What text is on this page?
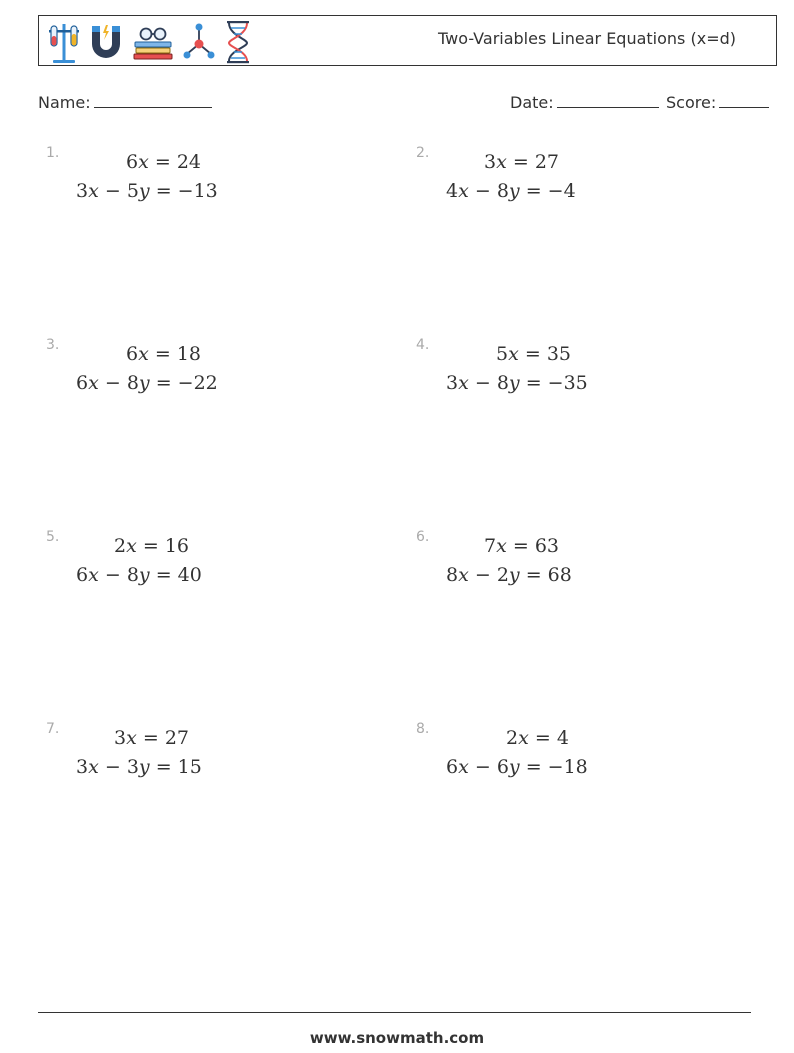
Two-Variables Linear Equations (x=d)
Name:	Date:	Score:
1.	6x = 24
3x − 5y = −13
2.	3x = 27
4x − 8y = −4
3.	6x = 18
6x − 8y = −22
4.	5x = 35
3x − 8y = −35
5.	2x = 16
6x − 8y = 40
6.	7x = 63
8x − 2y = 68
7.	3x = 27
3x − 3y = 15
8.	2x = 4
6x − 6y = −18
www.snowmath.com
